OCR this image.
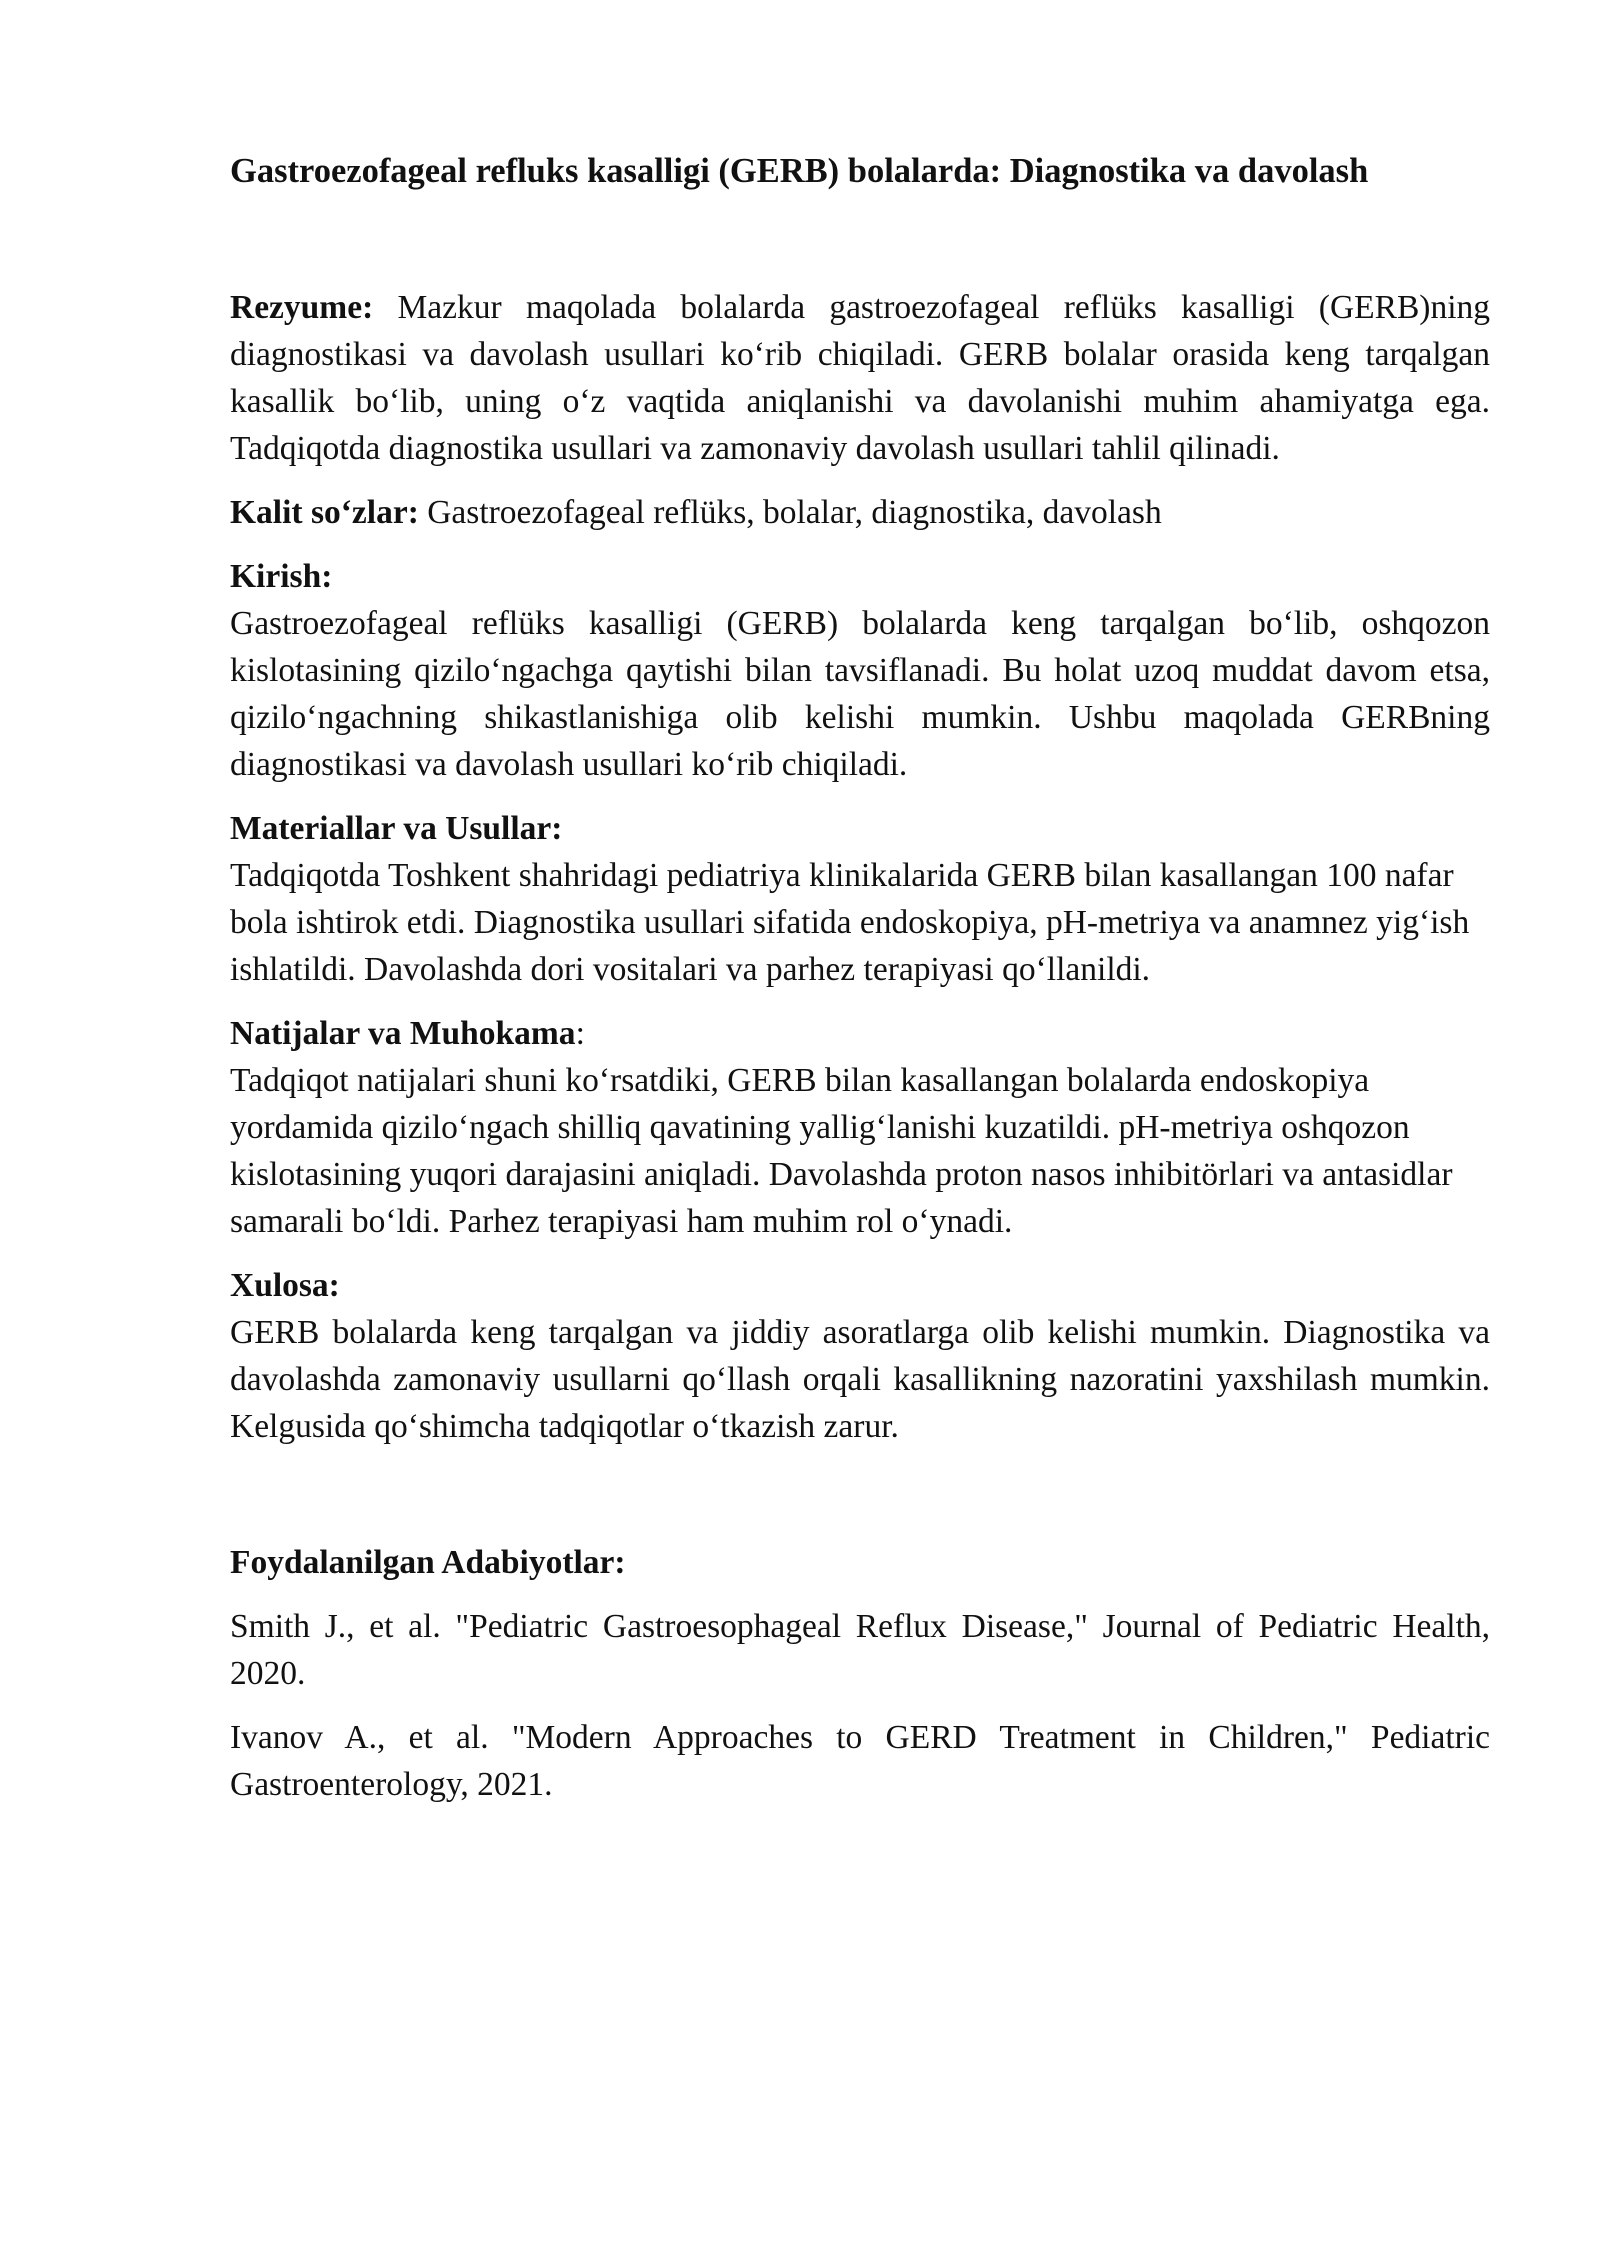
Gastroezofageal refluks kasalligi (GERB) bolalarda: Diagnostika va davolash

Rezyume: Mazkur maqolada bolalarda gastroezofageal reflüks kasalligi (GERB)ning diagnostikasi va davolash usullari ko‘rib chiqiladi. GERB bolalar orasida keng tarqalgan kasallik bo‘lib, uning o‘z vaqtida aniqlanishi va davolanishi muhim ahamiyatga ega. Tadqiqotda diagnostika usullari va zamonaviy davolash usullari tahlil qilinadi.

Kalit so‘zlar: Gastroezofageal reflüks, bolalar, diagnostika, davolash

Kirish:

Gastroezofageal reflüks kasalligi (GERB) bolalarda keng tarqalgan bo‘lib, oshqozon kislotasining qizilo‘ngachga qaytishi bilan tavsiflanadi. Bu holat uzoq muddat davom etsa, qizilo‘ngachning shikastlanishiga olib kelishi mumkin. Ushbu maqolada GERBning diagnostikasi va davolash usullari ko‘rib chiqiladi.

Materiallar va Usullar:

Tadqiqotda Toshkent shahridagi pediatriya klinikalarida GERB bilan kasallangan 100 nafar bola ishtirok etdi. Diagnostika usullari sifatida endoskopiya, pH-metriya va anamnez yig‘ish ishlatildi. Davolashda dori vositalari va parhez terapiyasi qo‘llanildi.

Natijalar va Muhokama:

Tadqiqot natijalari shuni ko‘rsatdiki, GERB bilan kasallangan bolalarda endoskopiya yordamida qizilo‘ngach shilliq qavatining yallig‘lanishi kuzatildi. pH-metriya oshqozon kislotasining yuqori darajasini aniqladi. Davolashda proton nasos inhibitörlari va antasidlar samarali bo‘ldi. Parhez terapiyasi ham muhim rol o‘ynadi.

Xulosa:

GERB bolalarda keng tarqalgan va jiddiy asoratlarga olib kelishi mumkin. Diagnostika va davolashda zamonaviy usullarni qo‘llash orqali kasallikning nazoratini yaxshilash mumkin. Kelgusida qo‘shimcha tadqiqotlar o‘tkazish zarur.

Foydalanilgan Adabiyotlar:

Smith J., et al. "Pediatric Gastroesophageal Reflux Disease," Journal of Pediatric Health, 2020.

Ivanov A., et al. "Modern Approaches to GERD Treatment in Children," Pediatric Gastroenterology, 2021.
